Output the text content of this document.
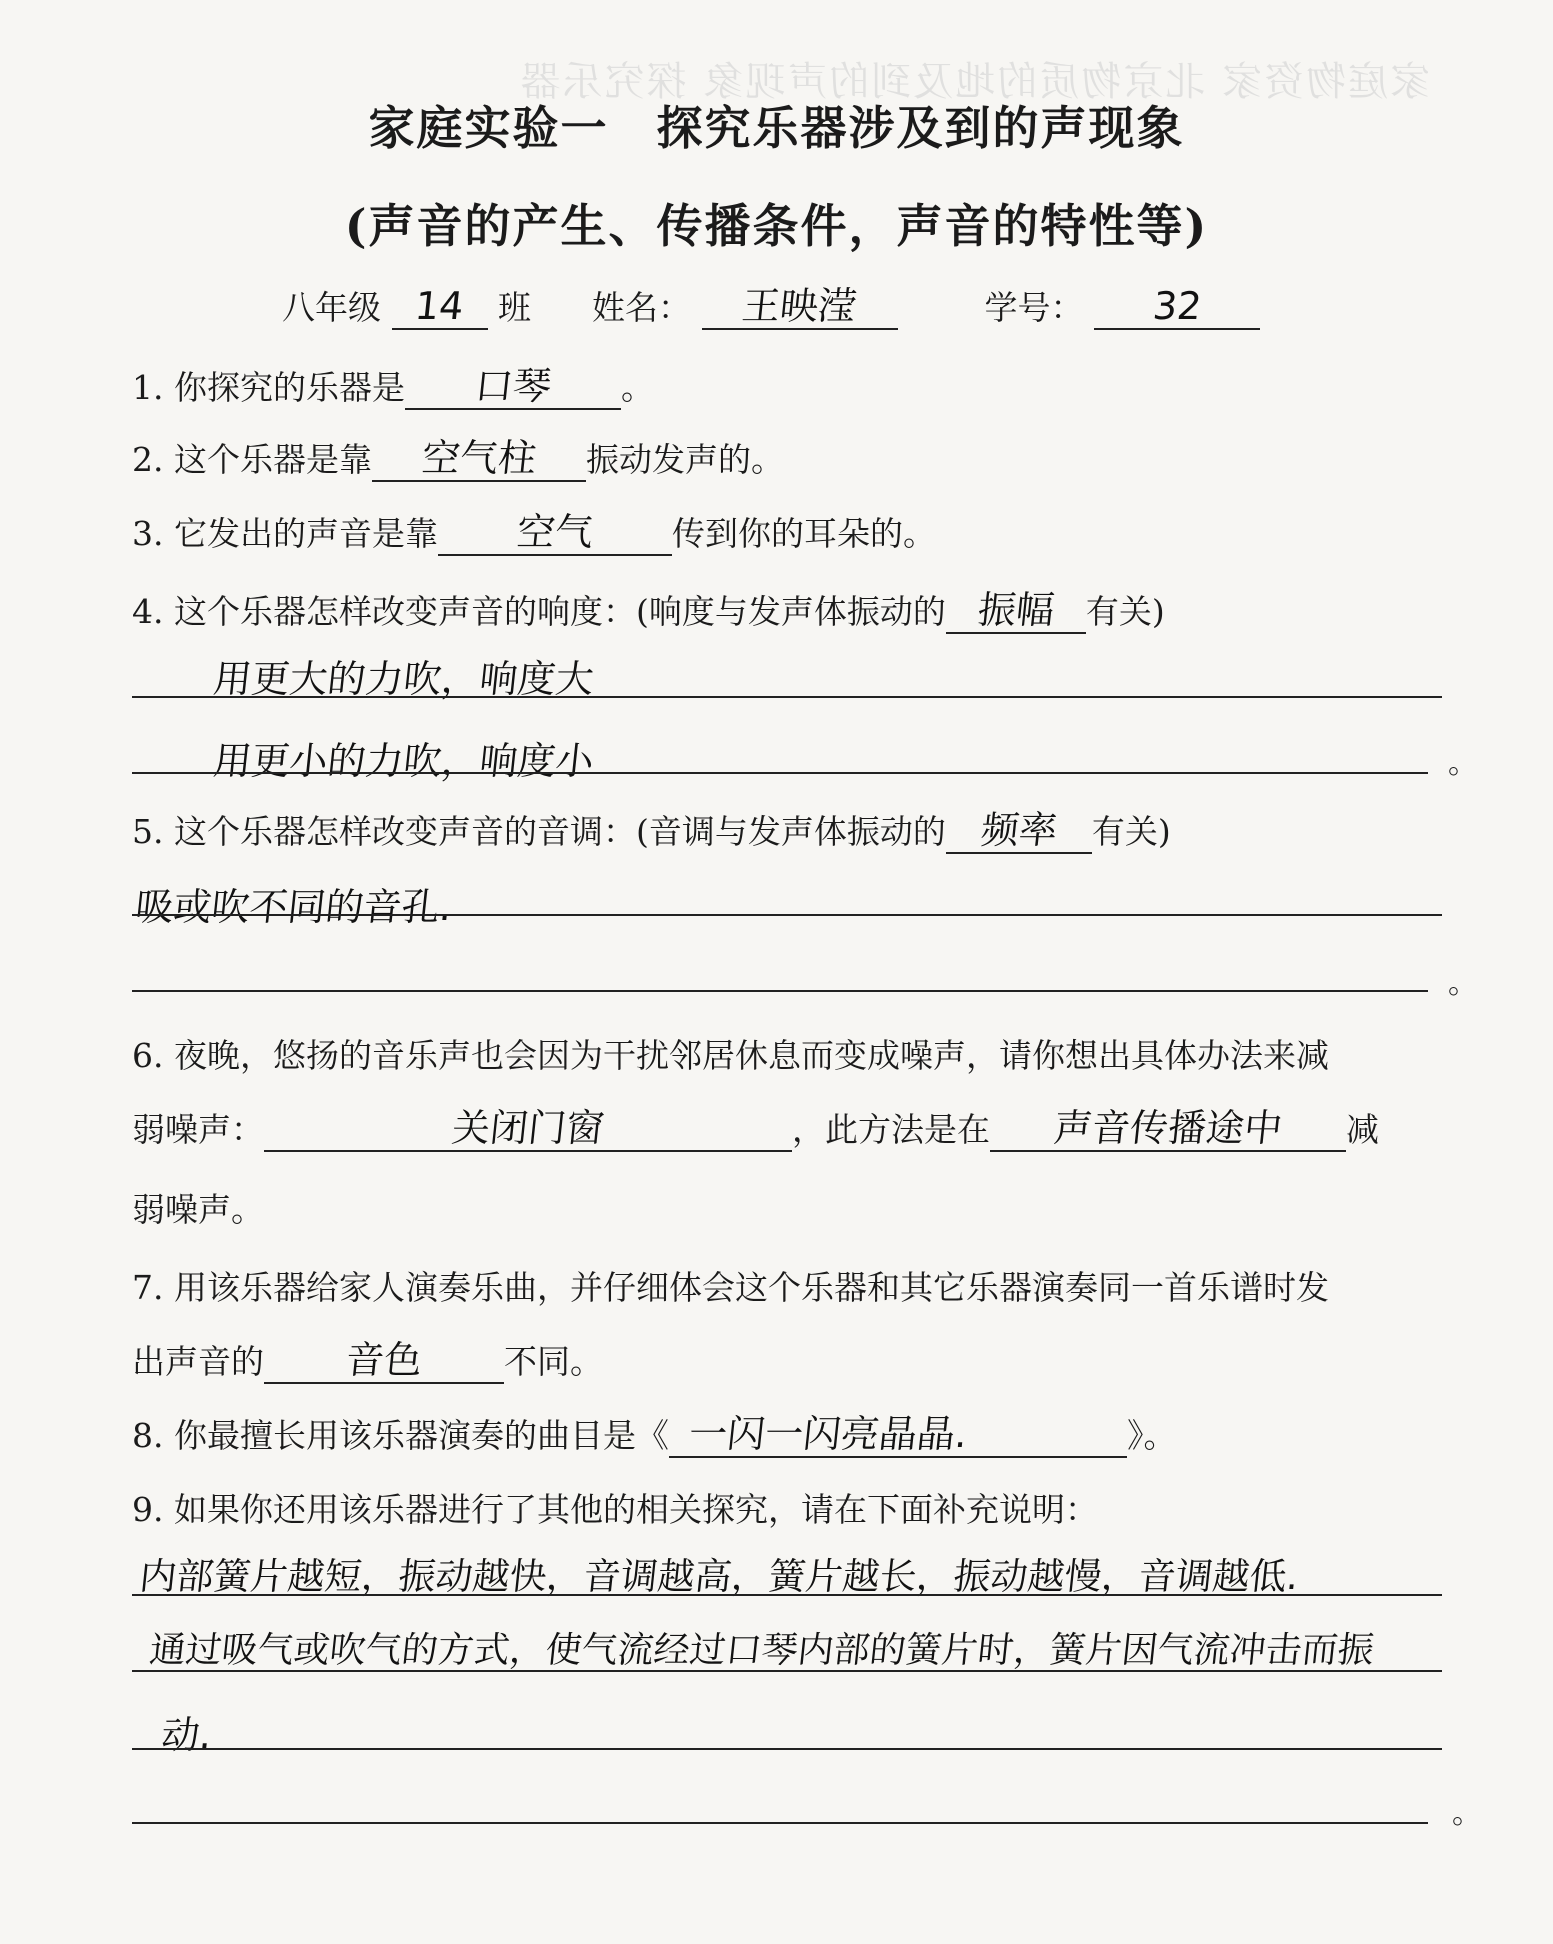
家庭物资家 北京物质的地及到的声现象 探究乐器
家庭实验一　探究乐器涉及到的声现象
(声音的产生、传播条件，声音的特性等)
八年级 14 班 姓名： 王映滢	学号： 32
1. 你探究的乐器是 口琴 。
2. 这个乐器是靠 空气柱 振动发声的。
3. 它发出的声音是靠 空气 传到你的耳朵的。
4. 这个乐器怎样改变声音的响度：(响度与发声体振动的 振幅 有关)
用更大的力吹，响度大
用更小的力吹，响度小	。
5. 这个乐器怎样改变声音的音调：(音调与发声体振动的 频率 有关)
吸或吹不同的音孔.
。
6. 夜晚，悠扬的音乐声也会因为干扰邻居休息而变成噪声，请你想出具体办法来减
弱噪声：	关闭门窗	，此方法是在 声音传播途中 减
弱噪声。
7. 用该乐器给家人演奏乐曲，并仔细体会这个乐器和其它乐器演奏同一首乐谱时发
出声音的 音色 不同。
8. 你最擅长用该乐器演奏的曲目是《 一闪一闪亮晶晶.	》。
9. 如果你还用该乐器进行了其他的相关探究，请在下面补充说明：
内部簧片越短，振动越快，音调越高，簧片越长，振动越慢，音调越低.
通过吸气或吹气的方式，使气流经过口琴内部的簧片时，簧片因气流冲击而振
动.
。
